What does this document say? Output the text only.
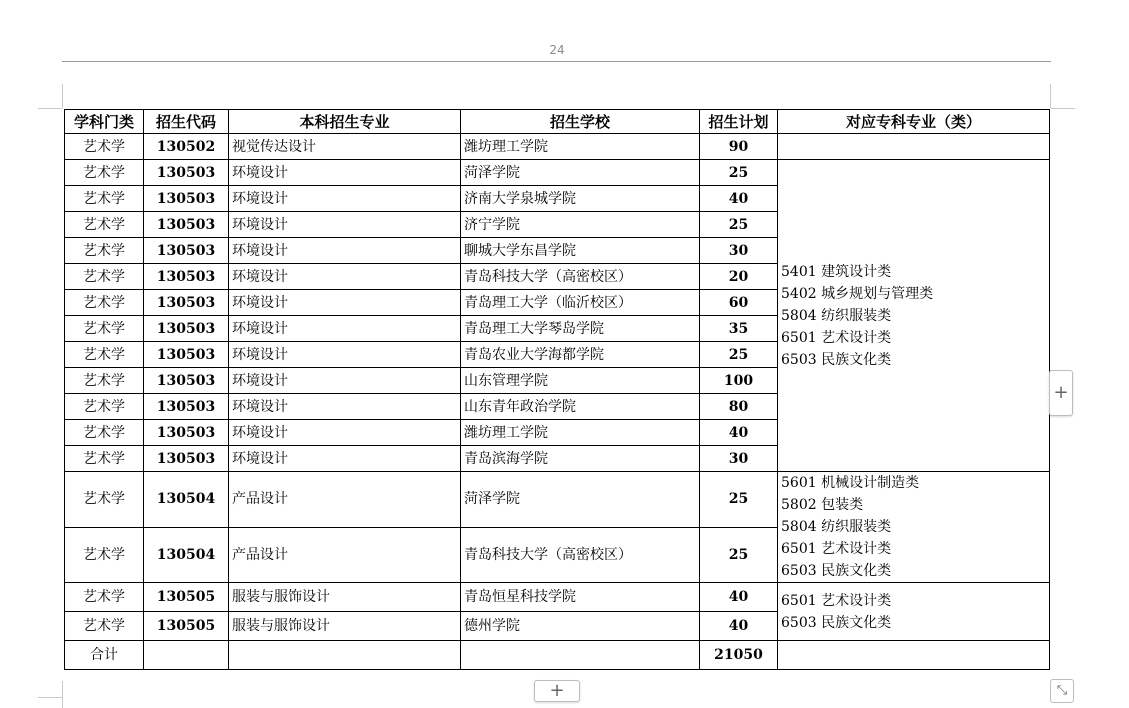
24
学科门类	招生代码	本科招生专业	招生学校	招生计划	对应专科专业（类）
艺术学	130502	视觉传达设计	潍坊理工学院	90	
艺术学	130503	环境设计	菏泽学院	25	5401 建筑设计类
5402 城乡规划与管理类
5804 纺织服装类
6501 艺术设计类
6503 民族文化类

艺术学	130503	环境设计	济南大学泉城学院	40	
艺术学	130503	环境设计	济宁学院	25	
艺术学	130503	环境设计	聊城大学东昌学院	30	
艺术学	130503	环境设计	青岛科技大学（高密校区）	20	
艺术学	130503	环境设计	青岛理工大学（临沂校区）	60	
艺术学	130503	环境设计	青岛理工大学琴岛学院	35	
艺术学	130503	环境设计	青岛农业大学海都学院	25	
艺术学	130503	环境设计	山东管理学院	100	
艺术学	130503	环境设计	山东青年政治学院	80	
艺术学	130503	环境设计	潍坊理工学院	40	
艺术学	130503	环境设计	青岛滨海学院	30	
艺术学	130504	产品设计	菏泽学院	25	5601 机械设计制造类
5802 包装类
5804 纺织服装类
6501 艺术设计类
6503 民族文化类

艺术学	130504	产品设计	青岛科技大学（高密校区）	25	
艺术学	130505	服装与服饰设计	青岛恒星科技学院	40	6501 艺术设计类
6503 民族文化类

艺术学	130505	服装与服饰设计	德州学院	40	
合计				21050	
+
+	⤡
